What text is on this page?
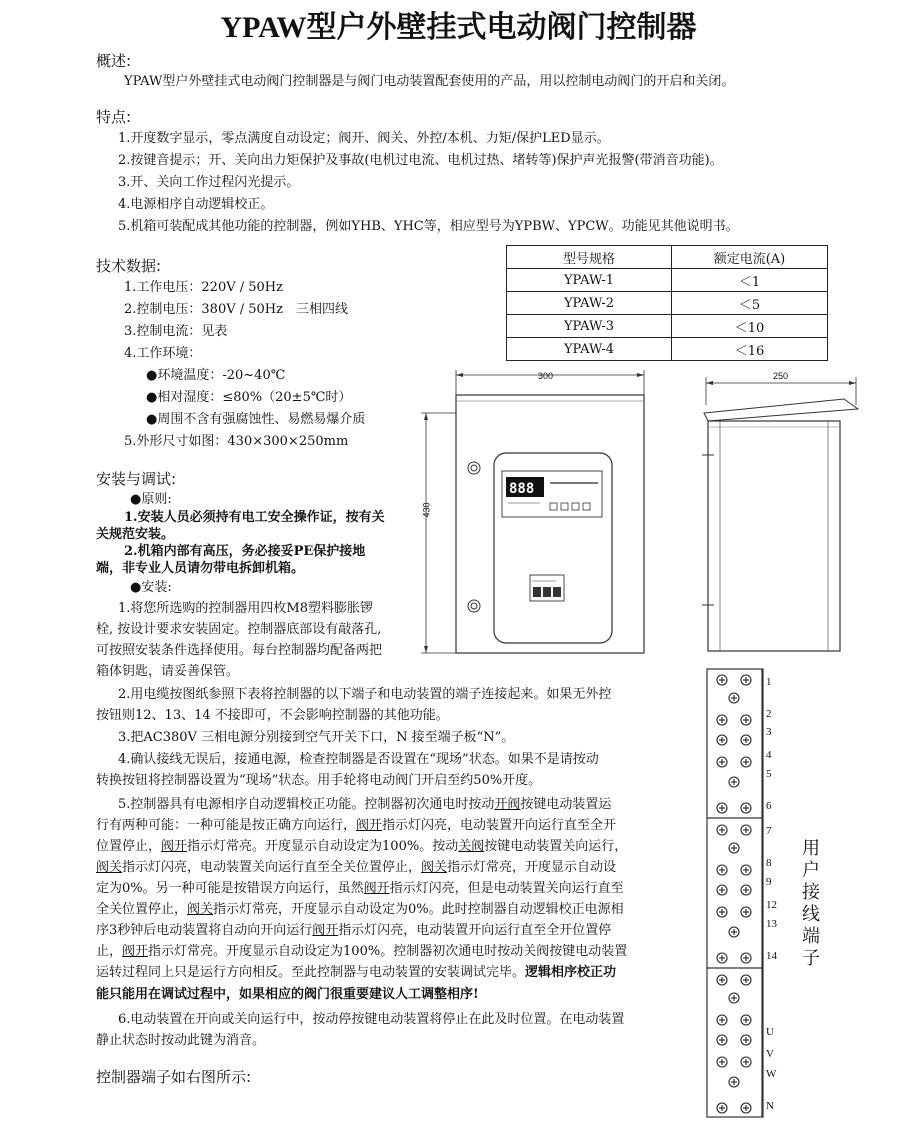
YPAW型户外壁挂式电动阀门控制器
概述:
YPAW型户外壁挂式电动阀门控制器是与阀门电动装置配套使用的产品，用以控制电动阀门的开启和关闭。
特点:
1.开度数字显示，零点满度自动设定；阀开、阀关、外控/本机、力矩/保护LED显示。
2.按键音提示；开、关向出力矩保护及事故(电机过电流、电机过热、堵转等)保护声光报警(带消音功能)。
3.开、关向工作过程闪光提示。
4.电源相序自动逻辑校正。
5.机箱可装配成其他功能的控制器，例如YHB、YHC等，相应型号为YPBW、YPCW。功能见其他说明书。
技术数据:
1.工作电压：220V / 50Hz
2.控制电压：380V / 50Hz　三相四线
3.控制电流：见表
4.工作环境：
●环境温度：-20~40℃
●相对湿度：≤80%（20±5℃时）
●周围不含有强腐蚀性、易燃易爆介质
5.外形尺寸如图：430×300×250mm
型号规格	额定电流(A)
YPAW-1	＜1
YPAW-2	＜5
YPAW-3	＜10
YPAW-4	＜16
888
300
430
250
安装与调试:
●原则:
1.安装人员必须持有电工安全操作证，按有关
关规范安装。
2.机箱内部有高压，务必接妥PE保护接地
端，非专业人员请勿带电拆卸机箱。
●安装:
1.将您所选购的控制器用四枚M8塑料膨胀锣
栓, 按设计要求安装固定。控制器底部设有敲落孔,
可按照安装条件选择使用。每台控制器均配备两把
箱体钥匙，请妥善保管。
2.用电缆按图纸参照下表将控制器的以下端子和电动装置的端子连接起来。如果无外控
按钮则12、13、14 不接即可，不会影响控制器的其他功能。
3.把AC380V 三相电源分别接到空气开关下口，N 接至端子板“N”。
4.确认接线无误后，接通电源，检查控制器是否设置在“现场”状态。如果不是请按动
转换按钮将控制器设置为“现场”状态。用手轮将电动阀门开启至约50%开度。
5.控制器具有电源相序自动逻辑校正功能。控制器初次通电时按动开阀按键电动装置运
行有两种可能：一种可能是按正确方向运行，阀开指示灯闪亮，电动装置开向运行直至全开
位置停止，阀开指示灯常亮。开度显示自动设定为100%。按动关阀按键电动装置关向运行，
阀关指示灯闪亮，电动装置关向运行直至全关位置停止，阀关指示灯常亮，开度显示自动设
定为0%。另一种可能是按错误方向运行，虽然阀开指示灯闪亮，但是电动装置关向运行直至
全关位置停止，阀关指示灯常亮，开度显示自动设定为0%。此时控制器自动逻辑校正电源相
序3秒钟后电动装置将自动向开向运行阀开指示灯闪亮，电动装置开向运行直至全开位置停
止，阀开指示灯常亮。开度显示自动设定为100%。控制器初次通电时按动关阀按键电动装置
运转过程同上只是运行方向相反。至此控制器与电动装置的安装调试完毕。逻辑相序校正功
能只能用在调试过程中，如果相应的阀门很重要建议人工调整相序!
6.电动装置在开向或关向运行中，按动停按键电动装置将停止在此及时位置。在电动装置
静止状态时按动此键为消音。
控制器端子如右图所示:
1
2
3
4
5
6
7
8
9
12
13
14
U
V
W
N
用户接线端子
